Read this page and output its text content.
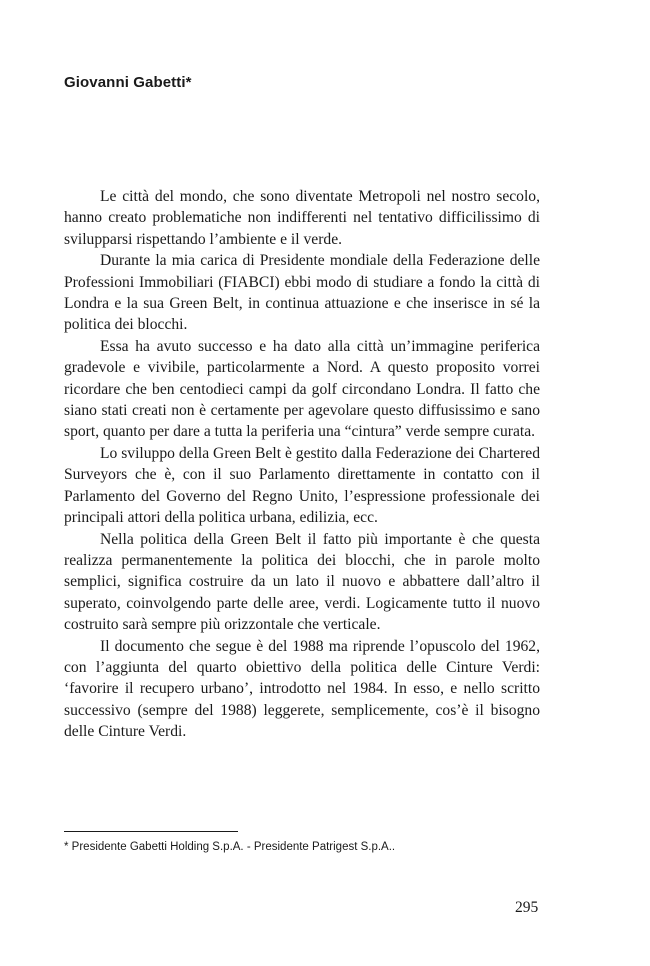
Giovanni Gabetti*

Le città del mondo, che sono diventate Metropoli nel nostro secolo, hanno creato problematiche non indifferenti nel tentativo difficilissimo di svilupparsi rispettando l’ambiente e il verde.

Durante la mia carica di Presidente mondiale della Federazione delle Professioni Immobiliari (FIABCI) ebbi modo di studiare a fondo la città di Londra e la sua Green Belt, in continua attuazione e che inserisce in sé la politica dei blocchi.

Essa ha avuto successo e ha dato alla città un’immagine periferica gradevole e vivibile, particolarmente a Nord. A questo proposito vorrei ricordare che ben centodieci campi da golf circondano Londra. Il fatto che siano stati creati non è certamente per agevolare questo diffusissimo e sano sport, quanto per dare a tutta la periferia una “cintura” verde sempre curata.

Lo sviluppo della Green Belt è gestito dalla Federazione dei Chartered Surveyors che è, con il suo Parlamento direttamente in contatto con il Parlamento del Governo del Regno Unito, l’espressione professionale dei principali attori della politica urbana, edilizia, ecc.

Nella politica della Green Belt il fatto più importante è che questa realizza permanentemente la politica dei blocchi, che in parole molto semplici, significa costruire da un lato il nuovo e abbattere dall’altro il superato, coinvolgendo parte delle aree, verdi. Logicamente tutto il nuovo costruito sarà sempre più orizzontale che verticale.

Il documento che segue è del 1988 ma riprende l’opuscolo del 1962, con l’aggiunta del quarto obiettivo della politica delle Cinture Verdi: ‘favorire il recupero urbano’, introdotto nel 1984. In esso, e nello scritto successivo (sempre del 1988) leggerete, semplicemente, cos’è il bisogno delle Cinture Verdi.

* Presidente Gabetti Holding S.p.A. - Presidente Patrigest S.p.A..
295
